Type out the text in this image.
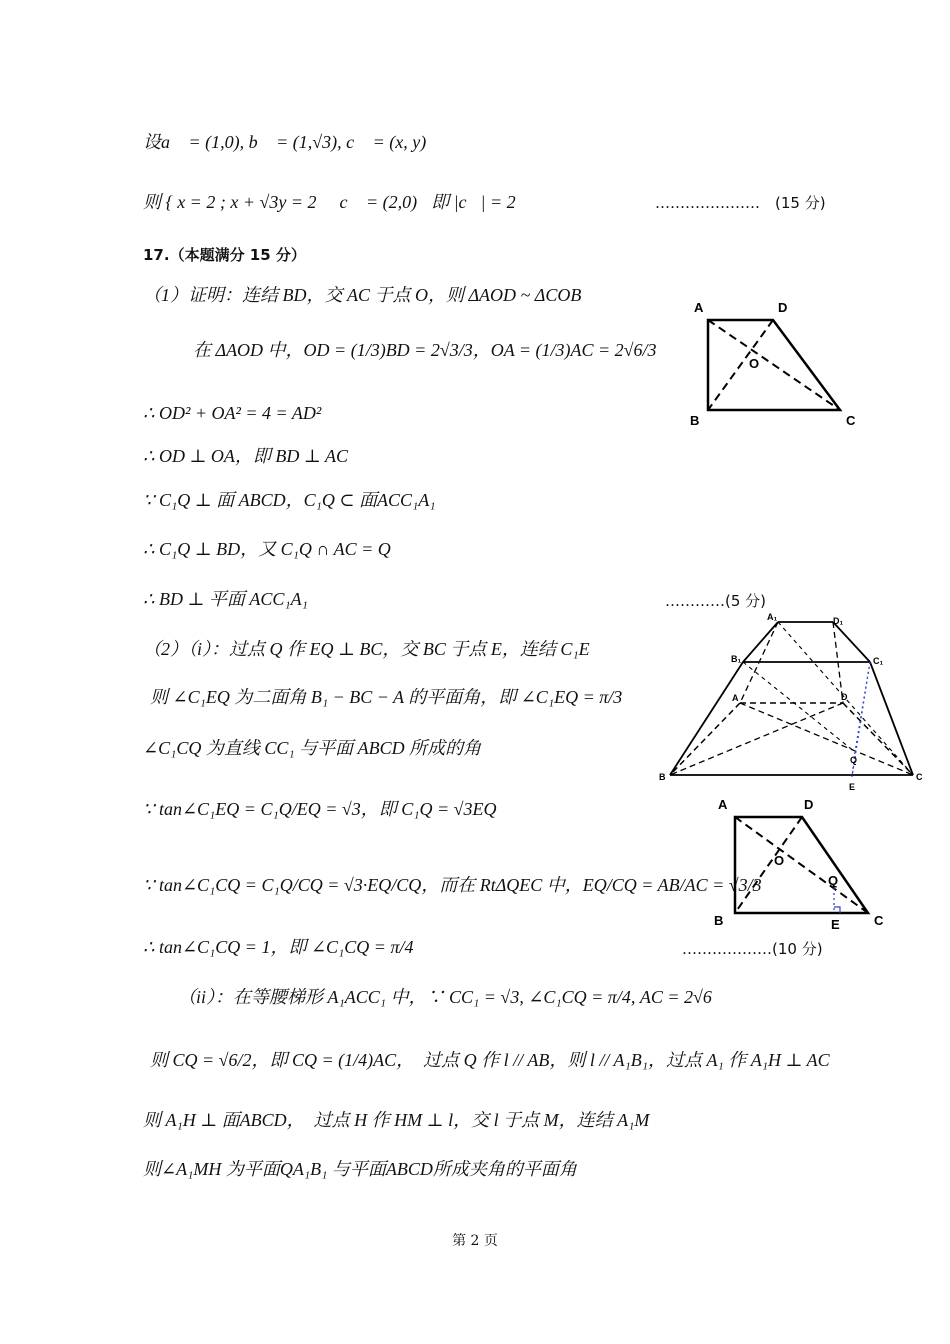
设a⃗ = (1,0), b⃗ = (1,√3), c⃗ = (x, y)，
则 { x = 2 ; x + √3y = 2 ∴ c⃗ = (2,0)，即 |c⃗| = 2	…………………　(15 分)
17.（本题满分 15 分）
（1）证明：连结 BD，交 AC 于点 O，则 ΔAOD ~ ΔCOB
在 ΔAOD 中，OD = (1/3)BD = 2√3/3，OA = (1/3)AC = 2√6/3
∴ OD² + OA² = 4 = AD²
∴ OD ⊥ OA，即 BD ⊥ AC
∵ C₁Q ⊥ 面 ABCD，C₁Q ⊂ 面ACC₁A₁
∴ C₁Q ⊥ BD，又 C₁Q ∩ AC = Q
∴ BD ⊥ 平面 ACC₁A₁	…………(5 分)
（2）（i）：过点 Q 作 EQ ⊥ BC，交 BC 于点 E，连结 C₁E
则 ∠C₁EQ 为二面角 B₁ − BC − A 的平面角，即 ∠C₁EQ = π/3
∠C₁CQ 为直线 CC₁ 与平面 ABCD 所成的角
∵ tan∠C₁EQ = C₁Q/EQ = √3，即 C₁Q = √3EQ
∵ tan∠C₁CQ = C₁Q/CQ = √3·EQ/CQ，而在 RtΔQEC 中，EQ/CQ = AB/AC = √3/3
∴ tan∠C₁CQ = 1，即 ∠C₁CQ = π/4	………………(10 分)
（ii）：在等腰梯形 A₁ACC₁ 中，∵ CC₁ = √3, ∠C₁CQ = π/4, AC = 2√6
则 CQ = √6/2，即 CQ = (1/4)AC，　过点 Q 作 l // AB，则 l // A₁B₁，过点 A₁ 作 A₁H ⊥ AC
则 A₁H ⊥ 面ABCD，　过点 H 作 HM ⊥ l，交 l 于点 M，连结 A₁M
则∠A₁MH 为平面QA₁B₁ 与平面ABCD所成夹角的平面角
A	D
B	C
O
A₁	D₁
B₁	C₁
A	D
B	C
Q
E
A	D
B	C
O
Q
E
第 2 页
